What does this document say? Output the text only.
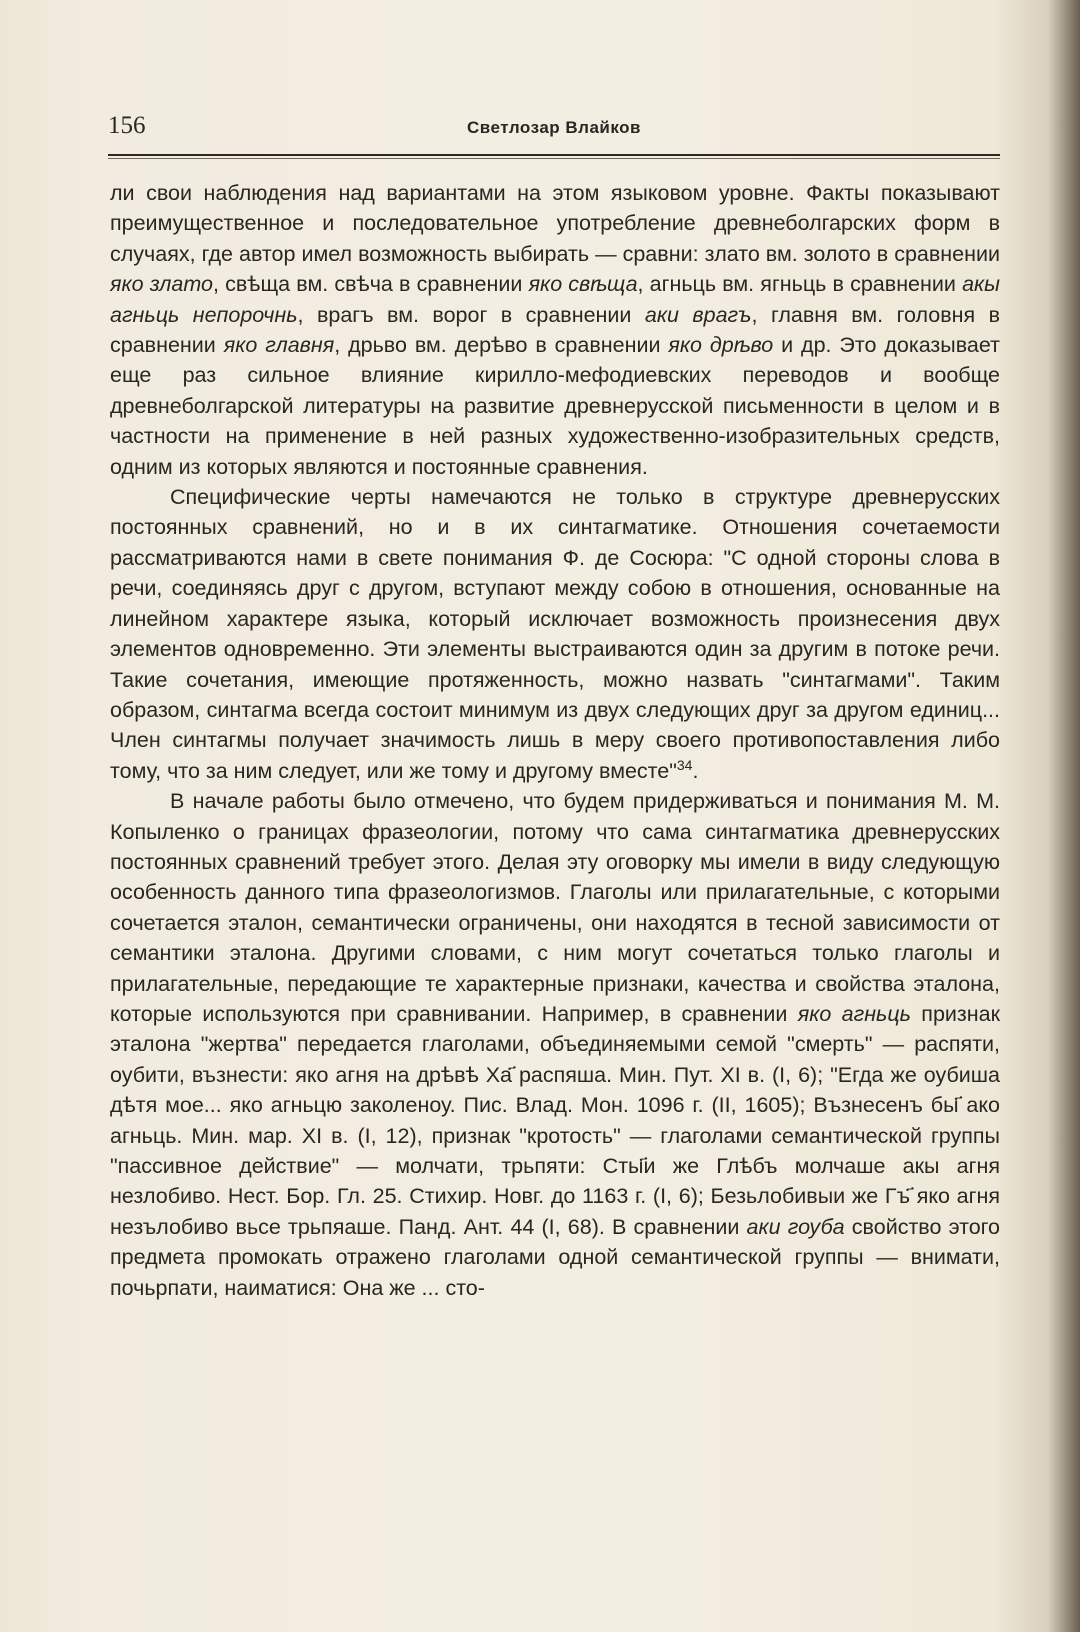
156	Светлозар Влайков

ли свои наблюдения над вариантами на этом языковом уровне. Факты показывают преимущественное и последовательное употребление древнеболгарских форм в случаях, где автор имел возможность выбирать — сравни: злато вм. золото в сравнении яко злато, свѣща вм. свѣча в сравнении яко свѣща, агньць вм. ягньць в сравнении акы агньць непорочнь, врагъ вм. ворог в сравнении аки врагъ, главня вм. головня в сравнении яко главня, дрьво вм. дерѣво в сравнении яко дрѣво и др. Это доказывает еще раз сильное влияние кирилло-мефодиевских переводов и вообще древнеболгарской литературы на развитие древнерусской письменности в целом и в частности на применение в ней разных художественно-изобразительных средств, одним из которых являются и постоянные сравнения.

Специфические черты намечаются не только в структуре древнерусских постоянных сравнений, но и в их синтагматике. Отношения сочетаемости рассматриваются нами в свете понимания Ф. де Сосюра: "С одной стороны слова в речи, соединяясь друг с другом, вступают между собою в отношения, основанные на линейном характере языка, который исключает возможность произнесения двух элементов одновременно. Эти элементы выстраиваются один за другим в потоке речи. Такие сочетания, имеющие протяженность, можно назвать "синтагмами". Таким образом, синтагма всегда состоит минимум из двух следующих друг за другом единиц... Член синтагмы получает значимость лишь в меру своего противопоставления либо тому, что за ним следует, или же тому и другому вместе"$^{34}$.

В начале работы было отмечено, что будем придерживаться и понимания М. М. Копыленко о границах фразеологии, потому что сама синтагматика древнерусских постоянных сравнений требует этого. Делая эту оговорку мы имели в виду следующую особенность данного типа фразеологизмов. Глаголы или прилагательные, с которыми сочетается эталон, семантически ограничены, они находятся в тесной зависимости от семантики эталона. Другими словами, с ним могут сочетаться только глаголы и прилагательные, передающие те характерные признаки, качества и свойства эталона, которые используются при сравнивании. Например, в сравнении яко агньць признак эталона "жертва" передается глаголами, объединяемыми семой "смерть" — распяти, оубити, възнести: яко агня на дрѣвѣ Ха҃ распяша. Мин. Пут. XI в. (I, 6); "Егда же оубиша дѣтя мое... яко агньцю заколеноу. Пис. Влад. Мон. 1096 г. (II, 1605); Възнесенъ бы҃ ако агньць. Мин. мар. XI в. (I, 12), признак "кротость" — глаголами семантической группы "пассивное действие" — молчати, трьпяти: Сты҃и же Глѣбъ молчаше акы агня незлобиво. Нест. Бор. Гл. 25. Стихир. Новг. до 1163 г. (I, 6); Безьлобивыи же Гъ҃ яко агня незълобиво вьсе трьпяаше. Панд. Ант. 44 (I, 68). В сравнении аки гоуба свойство этого предмета промокать отражено глаголами одной семантической группы — внимати, почьрпати, наиматися: Она же ... сто-
